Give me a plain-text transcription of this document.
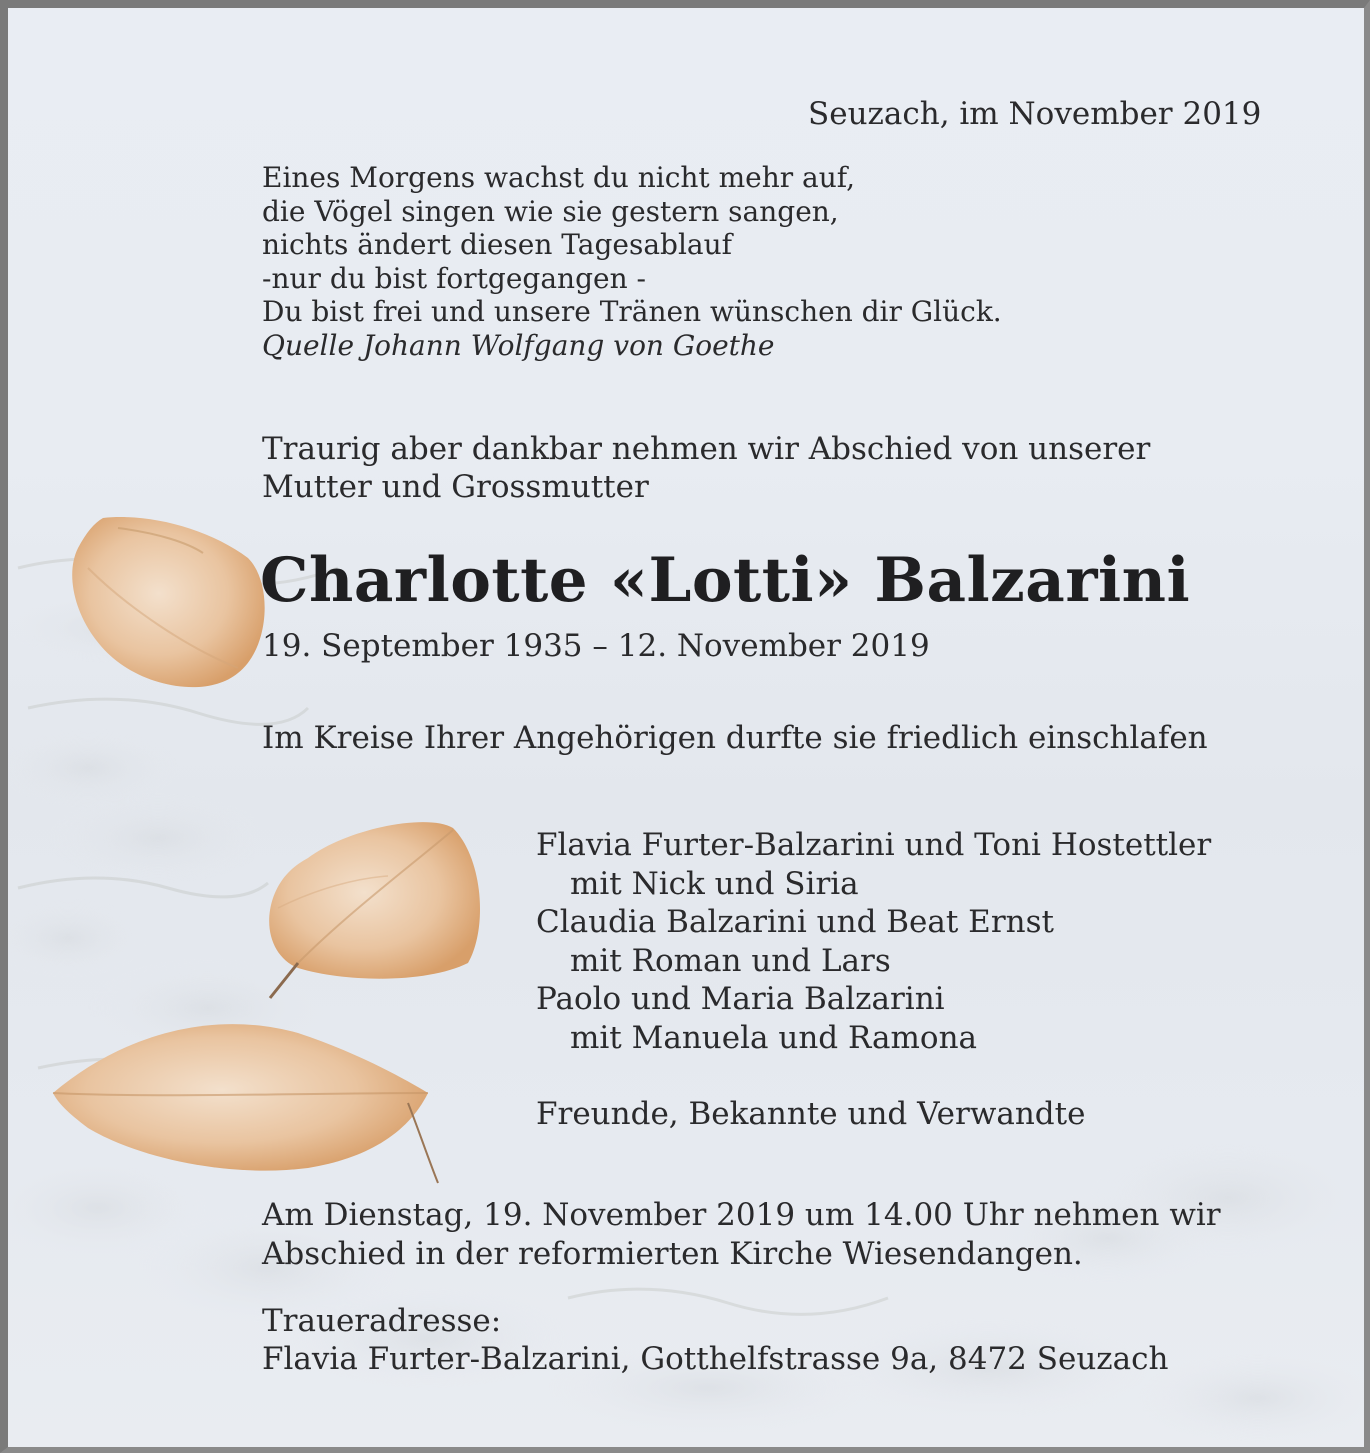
Seuzach, im November 2019
Eines Morgens wachst du nicht mehr auf,
die Vögel singen wie sie gestern sangen,
nichts ändert diesen Tagesablauf
-nur du bist fortgegangen -
Du bist frei und unsere Tränen wünschen dir Glück.
Quelle Johann Wolfgang von Goethe
Traurig aber dankbar nehmen wir Abschied von unserer
Mutter und Grossmutter
Charlotte «Lotti» Balzarini
19. September 1935 – 12. November 2019
Im Kreise Ihrer Angehörigen durfte sie friedlich einschlafen
Flavia Furter-Balzarini und Toni Hostettler
mit Nick und Siria
Claudia Balzarini und Beat Ernst
mit Roman und Lars
Paolo und Maria Balzarini
mit Manuela und Ramona
Freunde, Bekannte und Verwandte
Am Dienstag, 19. November 2019 um 14.00 Uhr nehmen wir
Abschied in der reformierten Kirche Wiesendangen.
Traueradresse:
Flavia Furter-Balzarini, Gotthelfstrasse 9a, 8472 Seuzach
